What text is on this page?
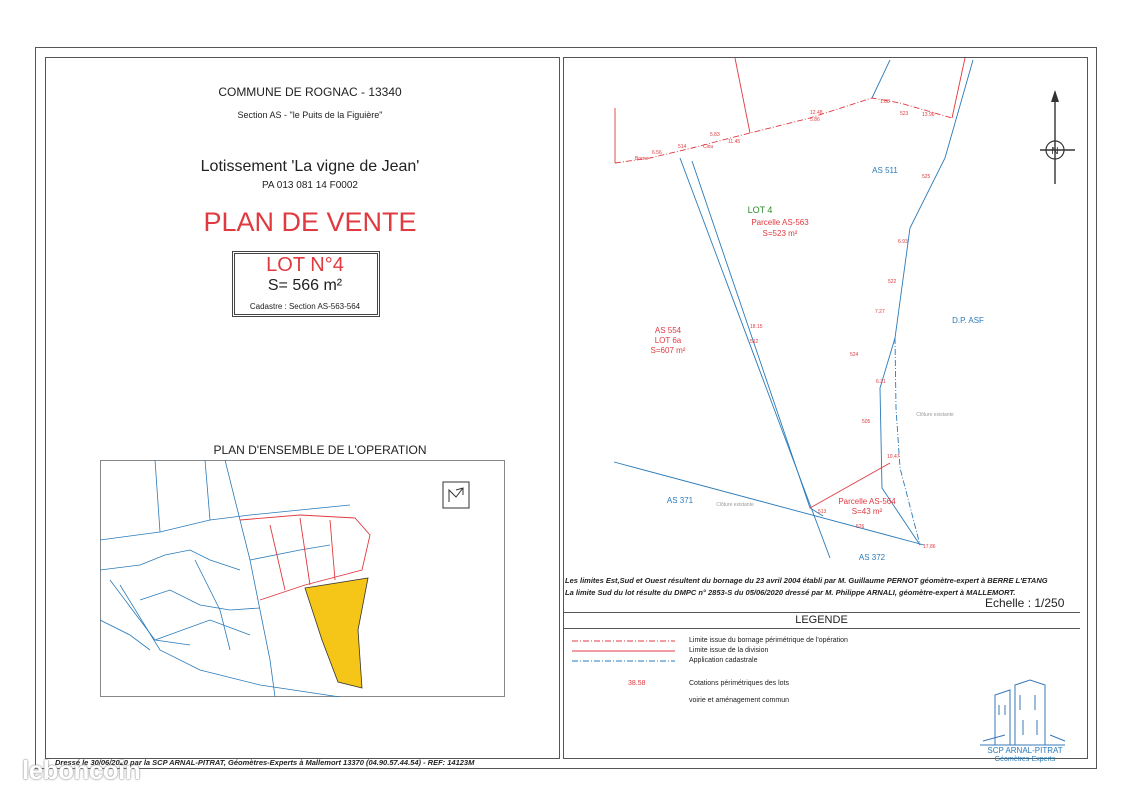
COMMUNE DE ROGNAC - 13340
Section AS - "le Puits de la Figuière"
Lotissement 'La vigne de Jean'
PA 013 081 14 F0002
PLAN DE VENTE
LOT N°4
S= 566 m²
Cadastre : Section AS-563-564
PLAN D'ENSEMBLE DE L'OPERATION
LOT 4
Parcelle AS-563
S=523 m²
AS 554
LOT 6a
S=607 m²
AS 511
D.P. ASF
AS 371
AS 372
Parcelle AS-564
S=43 m²
Clôture existante
Clôture existante
Borne
Clou
6.56
514
5.83
11.45
12.48
5.86
1.88
523	13.96
525
6.93
522
7.27
524
6.31
505
10.47
526
17.86
18.15
512
513
N
Les limites Est,Sud et Ouest résultent du bornage du 23 avril 2004 établi par M. Guillaume PERNOT géomètre-expert à BERRE L'ETANG
La limite Sud du lot résulte du DMPC n° 2853-S du 05/06/2020 dressé par M. Philippe ARNALI, géomètre-expert à MALLEMORT.
Echelle : 1/250
LEGENDE
Limite issue du bornage périmétrique de l'opération
Limite issue de la division
Application cadastrale
38.58	Cotations périmétriques des lots
voirie et aménagement commun
SCP ARNAL-PITRAT
Géomètres-Experts
Dressé le 30/06/2020 par la SCP ARNAL-PITRAT, Géomètres-Experts à Mallemort 13370 (04.90.57.44.54) - REF: 14123M
leboncoin
